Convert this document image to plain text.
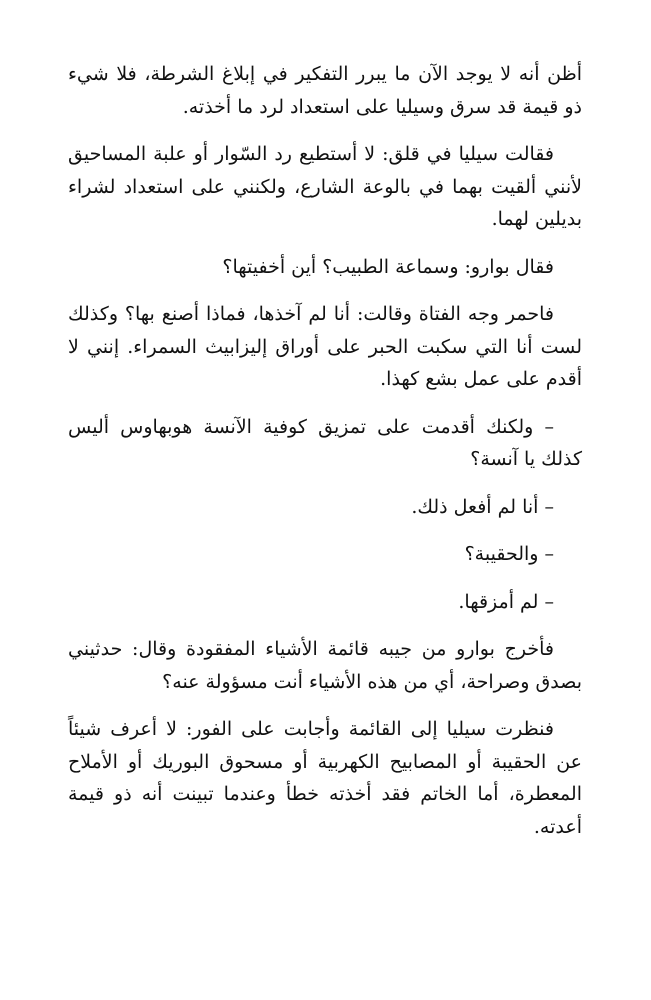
أظن أنه لا يوجد الآن ما يبرر التفكير في إبلاغ الشرطة، فلا شيء ذو قيمة قد سرق وسيليا على استعداد لرد ما أخذته.

فقالت سيليا في قلق: لا أستطيع رد السّوار أو علبة المساحيق لأنني ألقيت بهما في بالوعة الشارع، ولكنني على استعداد لشراء بديلين لهما.

فقال بوارو: وسماعة الطبيب؟ أين أخفيتها؟

فاحمر وجه الفتاة وقالت: أنا لم آخذها، فماذا أصنع بها؟ وكذلك لست أنا التي سكبت الحبر على أوراق إليزابيث السمراء. إنني لا أقدم على عمل بشع كهذا.

– ولكنك أقدمت على تمزيق كوفية الآنسة هوبهاوس أليس كذلك يا آنسة؟

– أنا لم أفعل ذلك.

– والحقيبة؟

– لم أمزقها.

فأخرج بوارو من جيبه قائمة الأشياء المفقودة وقال: حدثيني بصدق وصراحة، أي من هذه الأشياء أنت مسؤولة عنه؟

فنظرت سيليا إلى القائمة وأجابت على الفور: لا أعرف شيئاً عن الحقيبة أو المصابيح الكهربية أو مسحوق البوريك أو الأملاح المعطرة، أما الخاتم فقد أخذته خطأ وعندما تبينت أنه ذو قيمة أعدته.
